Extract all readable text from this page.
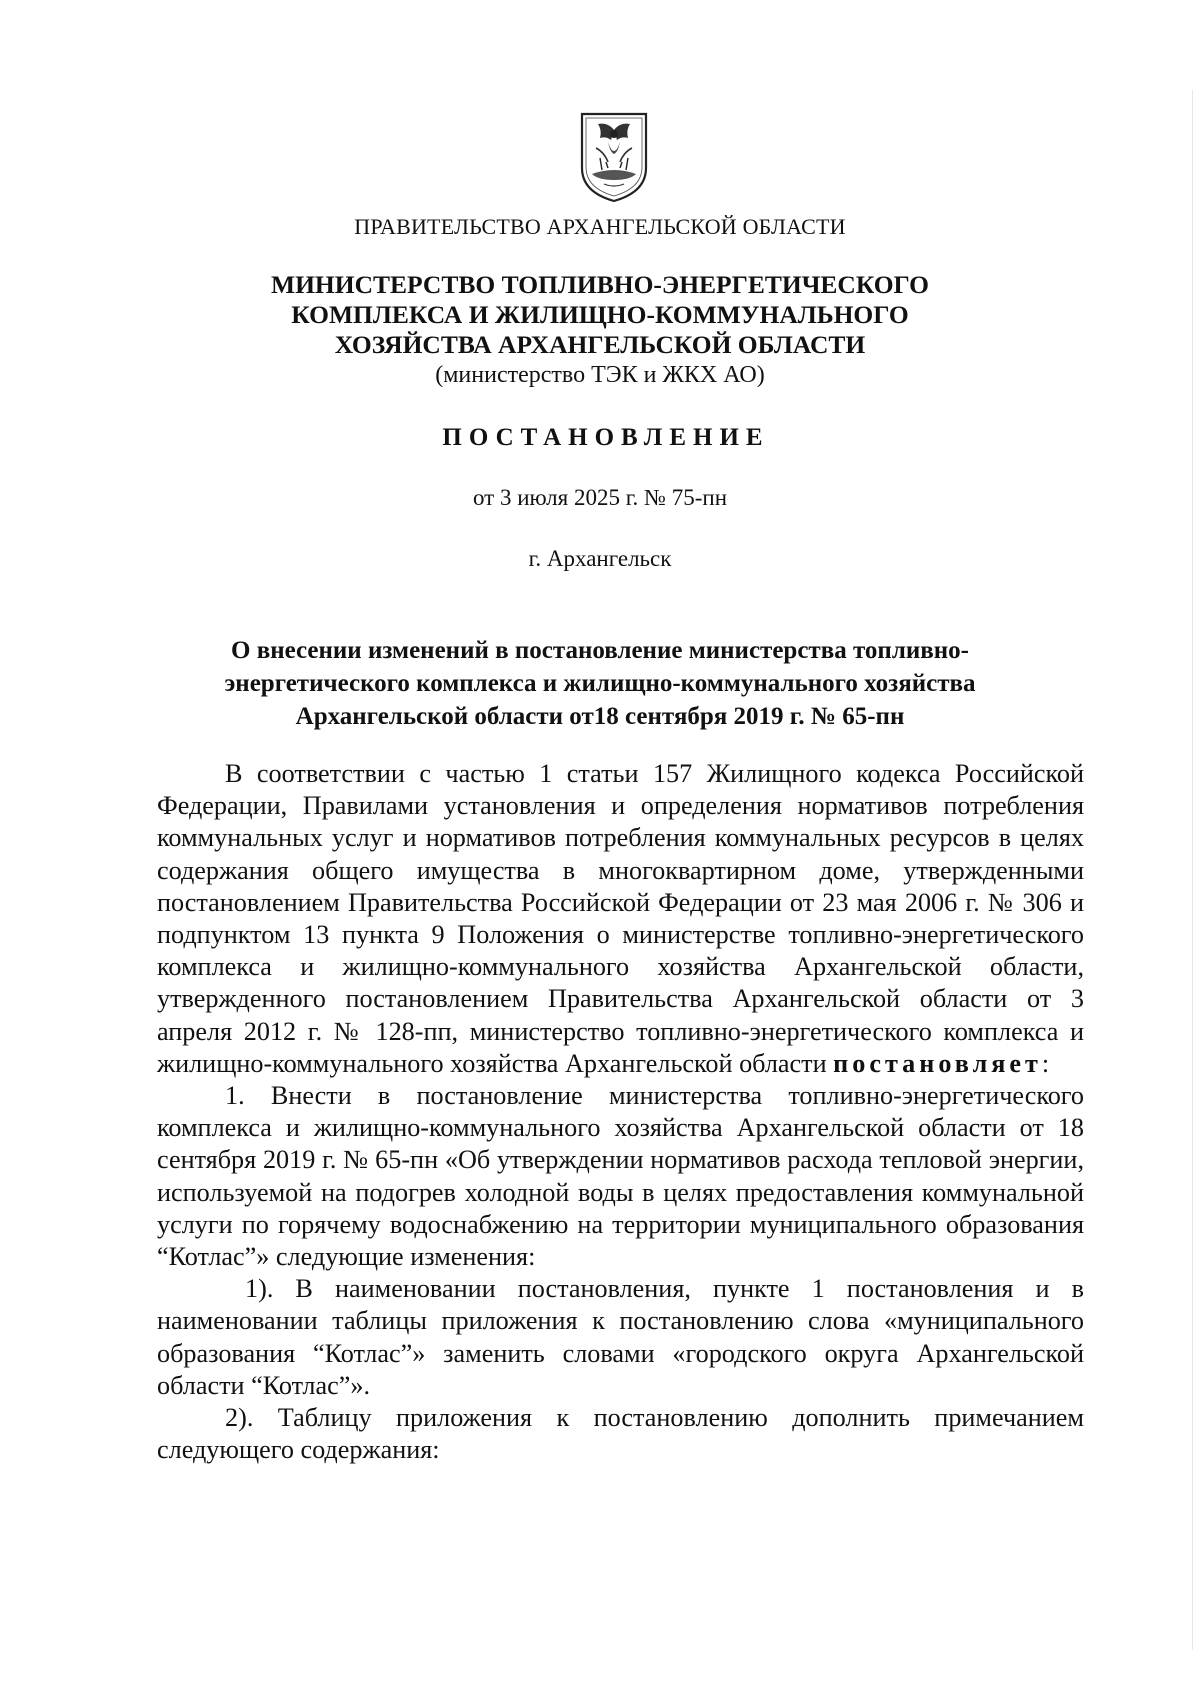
ПРАВИТЕЛЬСТВО АРХАНГЕЛЬСКОЙ ОБЛАСТИ
МИНИСТЕРСТВО ТОПЛИВНО-ЭНЕРГЕТИЧЕСКОГО
КОМПЛЕКСА И ЖИЛИЩНО-КОММУНАЛЬНОГО
ХОЗЯЙСТВА АРХАНГЕЛЬСКОЙ ОБЛАСТИ
(министерство ТЭК и ЖКХ АО)
ПОСТАНОВЛЕНИЕ
от 3 июля 2025 г. № 75-пн
г. Архангельск
О внесении изменений в постановление министерства топливно-
энергетического комплекса и жилищно-коммунального хозяйства
Архангельской области от18 сентября 2019 г. № 65-пн

В соответствии с частью 1 статьи 157 Жилищного кодекса Российской Федерации, Правилами установления и определения нормативов потребления коммунальных услуг и нормативов потребления коммунальных ресурсов в целях содержания общего имущества в многоквартирном доме, утвержденными постановлением Правительства Российской Федерации от 23 мая 2006 г. № 306 и подпунктом 13 пункта 9 Положения о министерстве топливно-энергетического комплекса и жилищно-коммунального хозяйства Архангельской области, утвержденного постановлением Правительства Архангельской области от 3 апреля 2012 г. № 128-пп, министерство топливно-энергетического комплекса и жилищно-коммунального хозяйства Архангельской области постановляет:

1. Внести в постановление министерства топливно-энергетического комплекса и жилищно-коммунального хозяйства Архангельской области от 18 сентября 2019 г. № 65-пн «Об утверждении нормативов расхода тепловой энергии, используемой на подогрев холодной воды в целях предоставления коммунальной услуги по горячему водоснабжению на территории муниципального образования “Котлас”» следующие изменения:

1). В наименовании постановления, пункте 1 постановления и в наименовании таблицы приложения к постановлению слова «муниципального образования “Котлас”» заменить словами «городского округа Архангельской области “Котлас”».

2). Таблицу приложения к постановлению дополнить примечанием следующего содержания:
